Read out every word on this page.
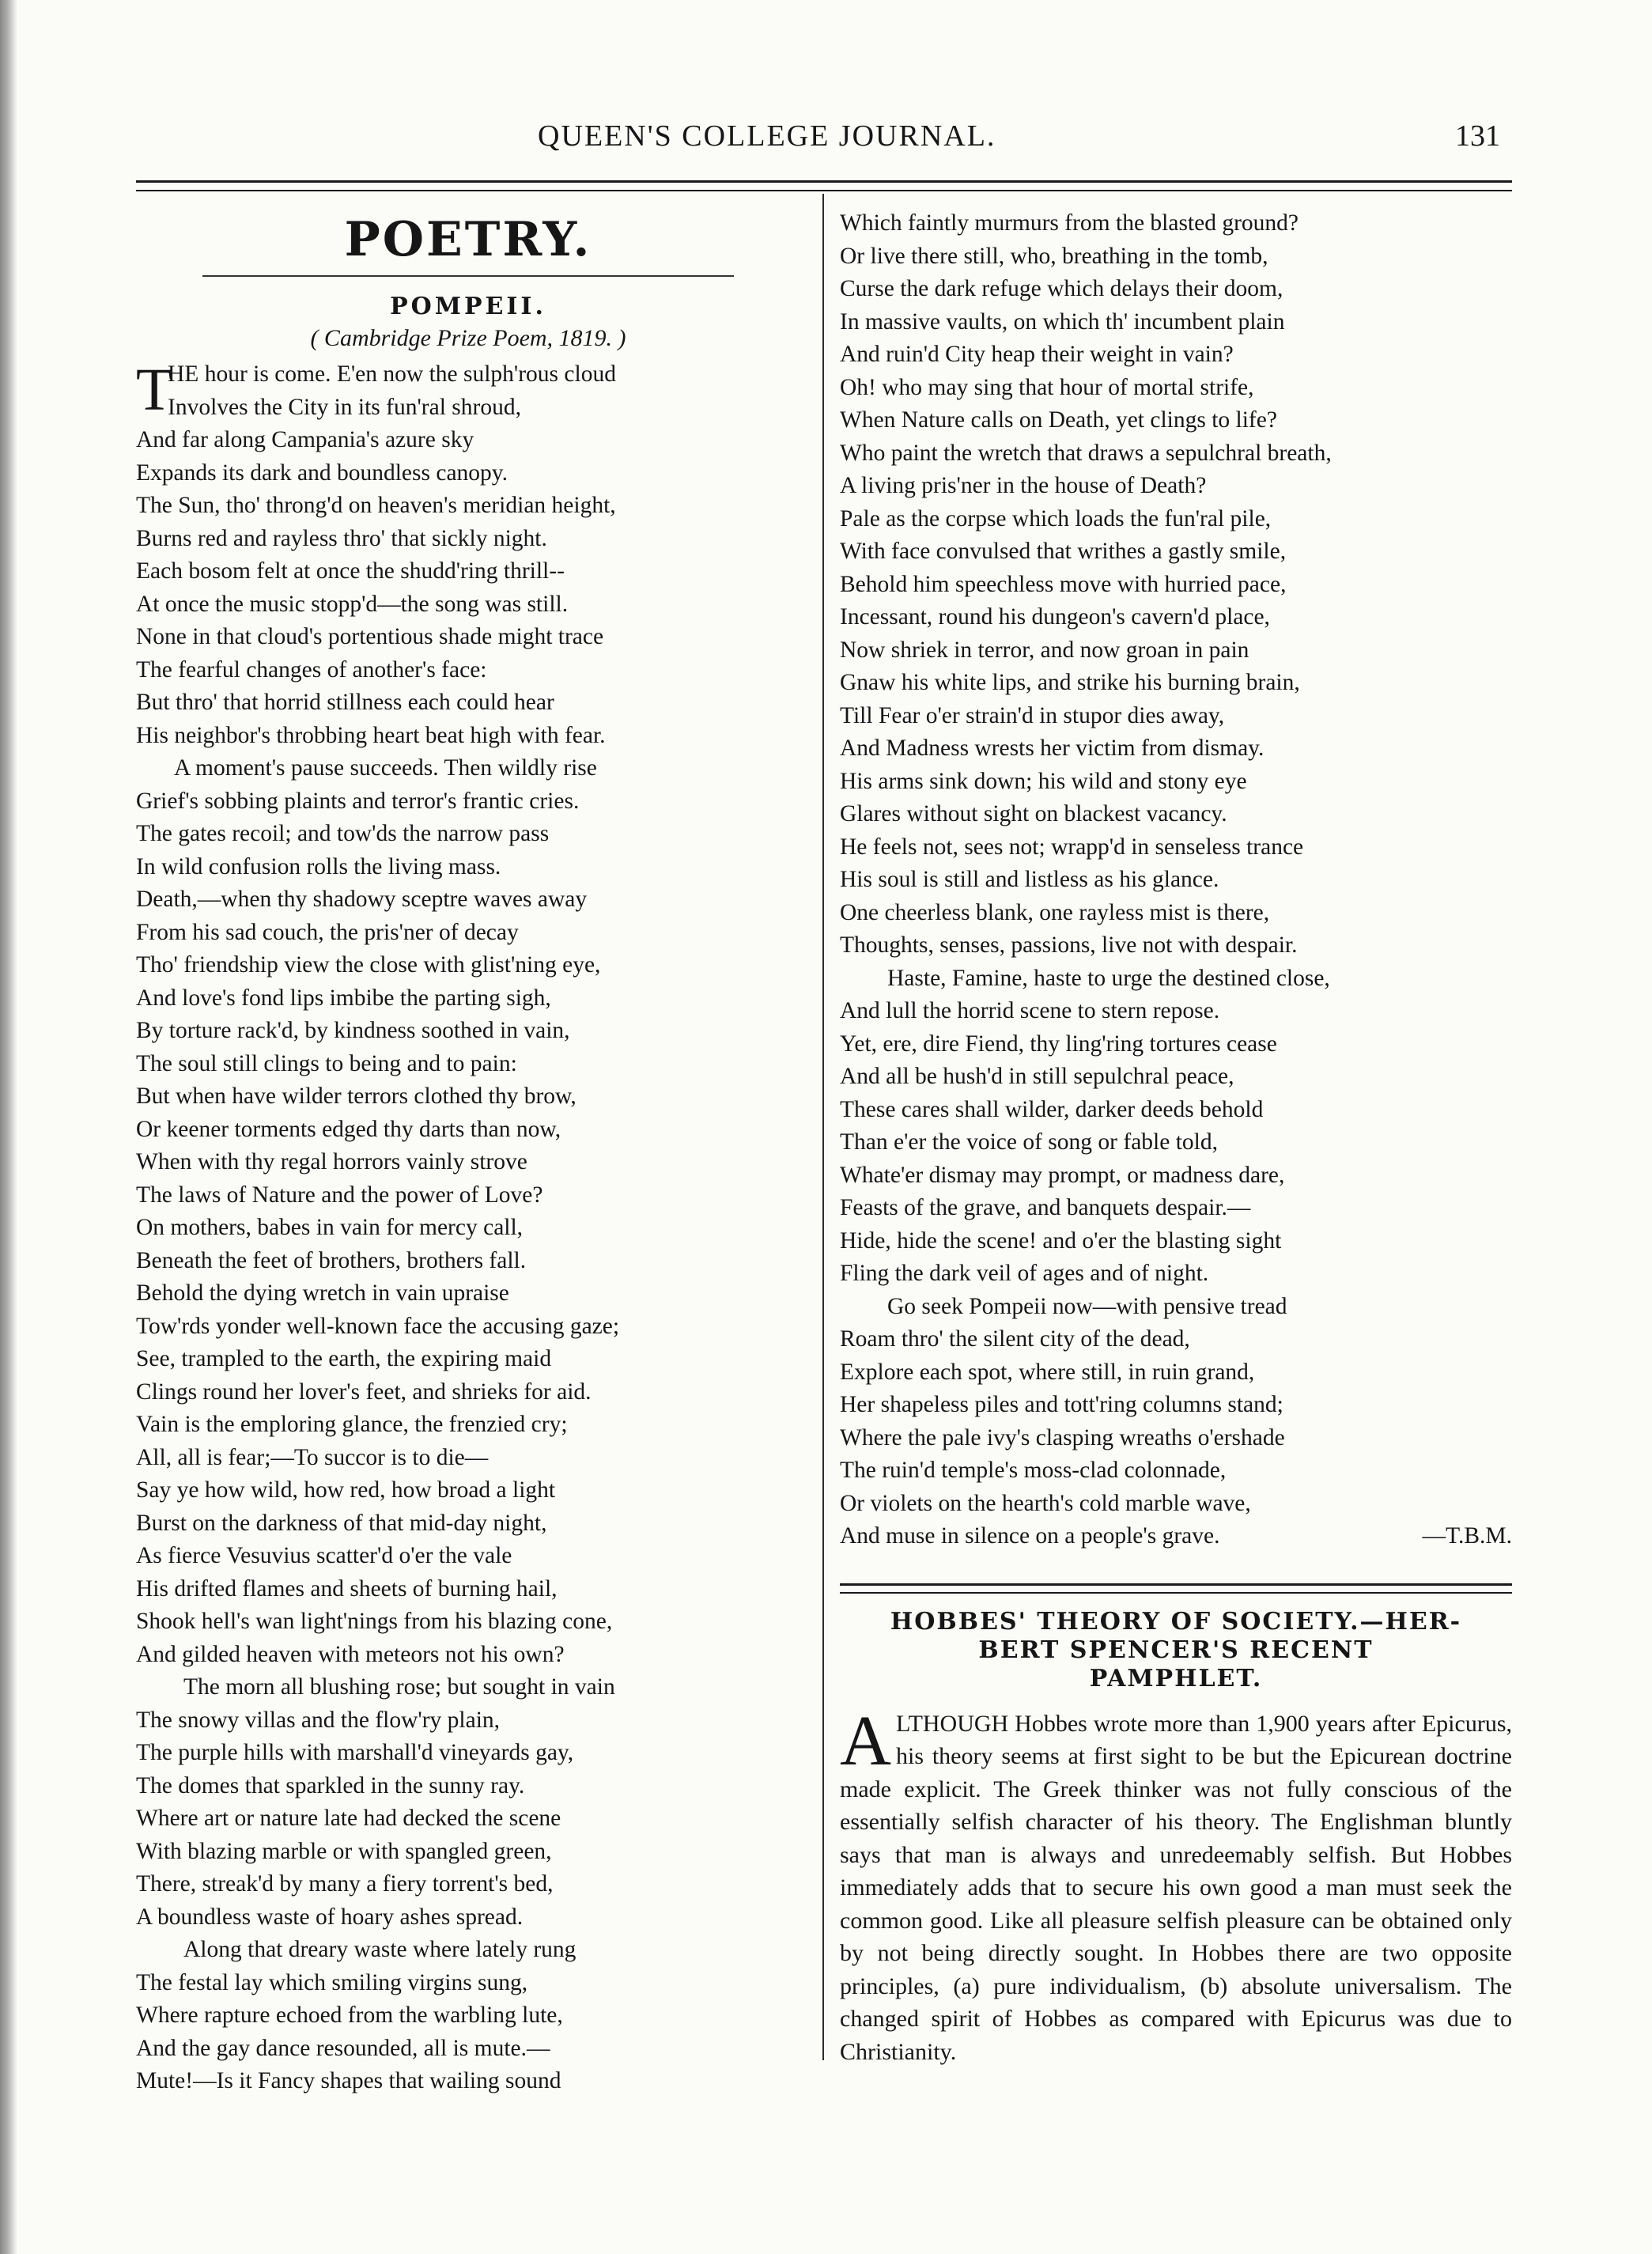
QUEEN'S COLLEGE JOURNAL.	131
POETRY.
POMPEII.
( Cambridge Prize Poem, 1819. )
T
HE hour is come. E'en now the sulph'rous cloud
Involves the City in its fun'ral shroud,
And far along Campania's azure sky
Expands its dark and boundless canopy.
The Sun, tho' throng'd on heaven's meridian height,
Burns red and rayless thro' that sickly night.
Each bosom felt at once the shudd'ring thrill--
At once the music stopp'd—the song was still.
None in that cloud's portentious shade might trace
The fearful changes of another's face:
But thro' that horrid stillness each could hear
His neighbor's throbbing heart beat high with fear.
A moment's pause succeeds. Then wildly rise
Grief's sobbing plaints and terror's frantic cries.
The gates recoil; and tow'ds the narrow pass
In wild confusion rolls the living mass.
Death,—when thy shadowy sceptre waves away
From his sad couch, the pris'ner of decay
Tho' friendship view the close with glist'ning eye,
And love's fond lips imbibe the parting sigh,
By torture rack'd, by kindness soothed in vain,
The soul still clings to being and to pain:
But when have wilder terrors clothed thy brow,
Or keener torments edged thy darts than now,
When with thy regal horrors vainly strove
The laws of Nature and the power of Love?
On mothers, babes in vain for mercy call,
Beneath the feet of brothers, brothers fall.
Behold the dying wretch in vain upraise
Tow'rds yonder well-known face the accusing gaze;
See, trampled to the earth, the expiring maid
Clings round her lover's feet, and shrieks for aid.
Vain is the emploring glance, the frenzied cry;
All, all is fear;—To succor is to die—
Say ye how wild, how red, how broad a light
Burst on the darkness of that mid-day night,
As fierce Vesuvius scatter'd o'er the vale
His drifted flames and sheets of burning hail,
Shook hell's wan light'nings from his blazing cone,
And gilded heaven with meteors not his own?
The morn all blushing rose; but sought in vain
The snowy villas and the flow'ry plain,
The purple hills with marshall'd vineyards gay,
The domes that sparkled in the sunny ray.
Where art or nature late had decked the scene
With blazing marble or with spangled green,
There, streak'd by many a fiery torrent's bed,
A boundless waste of hoary ashes spread.
Along that dreary waste where lately rung
The festal lay which smiling virgins sung,
Where rapture echoed from the warbling lute,
And the gay dance resounded, all is mute.—
Mute!—Is it Fancy shapes that wailing sound
Which faintly murmurs from the blasted ground?
Or live there still, who, breathing in the tomb,
Curse the dark refuge which delays their doom,
In massive vaults, on which th' incumbent plain
And ruin'd City heap their weight in vain?
Oh! who may sing that hour of mortal strife,
When Nature calls on Death, yet clings to life?
Who paint the wretch that draws a sepulchral breath,
A living pris'ner in the house of Death?
Pale as the corpse which loads the fun'ral pile,
With face convulsed that writhes a gastly smile,
Behold him speechless move with hurried pace,
Incessant, round his dungeon's cavern'd place,
Now shriek in terror, and now groan in pain
Gnaw his white lips, and strike his burning brain,
Till Fear o'er strain'd in stupor dies away,
And Madness wrests her victim from dismay.
His arms sink down; his wild and stony eye
Glares without sight on blackest vacancy.
He feels not, sees not; wrapp'd in senseless trance
His soul is still and listless as his glance.
One cheerless blank, one rayless mist is there,
Thoughts, senses, passions, live not with despair.
Haste, Famine, haste to urge the destined close,
And lull the horrid scene to stern repose.
Yet, ere, dire Fiend, thy ling'ring tortures cease
And all be hush'd in still sepulchral peace,
These cares shall wilder, darker deeds behold
Than e'er the voice of song or fable told,
Whate'er dismay may prompt, or madness dare,
Feasts of the grave, and banquets despair.—
Hide, hide the scene! and o'er the blasting sight
Fling the dark veil of ages and of night.
Go seek Pompeii now—with pensive tread
Roam thro' the silent city of the dead,
Explore each spot, where still, in ruin grand,
Her shapeless piles and tott'ring columns stand;
Where the pale ivy's clasping wreaths o'ershade
The ruin'd temple's moss-clad colonnade,
Or violets on the hearth's cold marble wave,
And muse in silence on a people's grave.	—T.B.M.
HOBBES' THEORY OF SOCIETY.—HER-
BERT SPENCER'S RECENT
PAMPHLET.
A LTHOUGH Hobbes wrote more than 1,900 years after Epicurus, his theory seems at first sight to be but the Epicurean doctrine made explicit. The Greek thinker was not fully conscious of the essentially selfish character of his theory. The Englishman bluntly says that man is always and unredeemably selfish. But Hobbes immediately adds that to secure his own good a man must seek the common good. Like all pleasure selfish pleasure can be obtained only by not being directly sought. In Hobbes there are two opposite principles, (a) pure individualism, (b) absolute universalism. The changed spirit of Hobbes as compared with Epicurus was due to Christianity.
